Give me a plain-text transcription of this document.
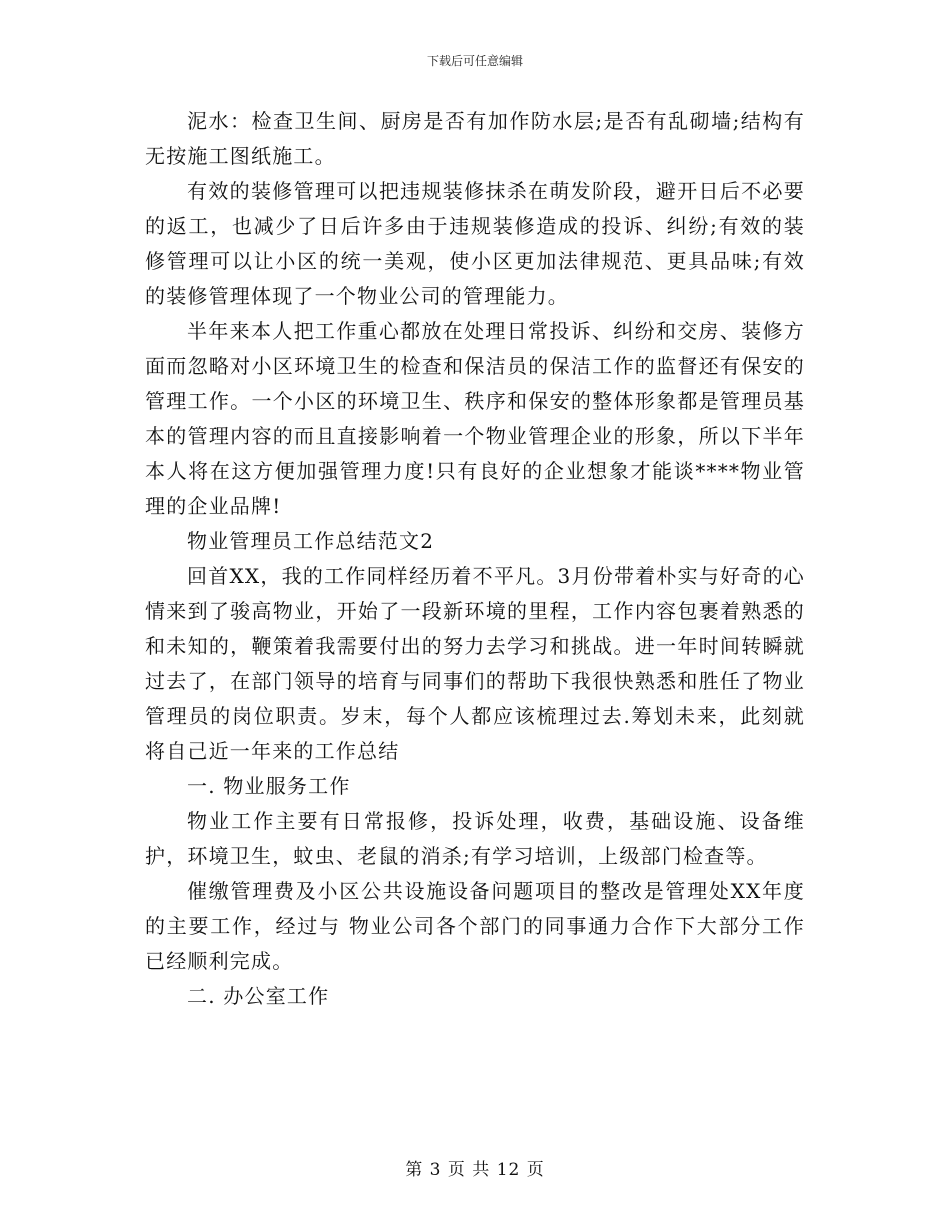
下载后可任意编辑

泥水：检查卫生间、厨房是否有加作防水层;是否有乱砌墙;结构有无按施工图纸施工。

有效的装修管理可以把违规装修抹杀在萌发阶段，避开日后不必要的返工，也减少了日后许多由于违规装修造成的投诉、纠纷;有效的装修管理可以让小区的统一美观，使小区更加法律规范、更具品味;有效的装修管理体现了一个物业公司的管理能力。

半年来本人把工作重心都放在处理日常投诉、纠纷和交房、装修方面而忽略对小区环境卫生的检查和保洁员的保洁工作的监督还有保安的管理工作。一个小区的环境卫生、秩序和保安的整体形象都是管理员基本的管理内容的而且直接影响着一个物业管理企业的形象，所以下半年本人将在这方便加强管理力度!只有良好的企业想象才能谈****物业管理的企业品牌!

物业管理员工作总结范文2

回首XX，我的工作同样经历着不平凡。3月份带着朴实与好奇的心情来到了骏高物业，开始了一段新环境的里程，工作内容包裹着熟悉的和未知的，鞭策着我需要付出的努力去学习和挑战。进一年时间转瞬就过去了，在部门领导的培育与同事们的帮助下我很快熟悉和胜任了物业管理员的岗位职责。岁末，每个人都应该梳理过去.筹划未来，此刻就将自己近一年来的工作总结

一. 物业服务工作

物业工作主要有日常报修，投诉处理，收费，基础设施、设备维护，环境卫生，蚊虫、老鼠的消杀;有学习培训，上级部门检查等。

催缴管理费及小区公共设施设备问题项目的整改是管理处XX年度的主要工作，经过与 物业公司各个部门的同事通力合作下大部分工作已经顺利完成。

二. 办公室工作

第 3 页 共 12 页
